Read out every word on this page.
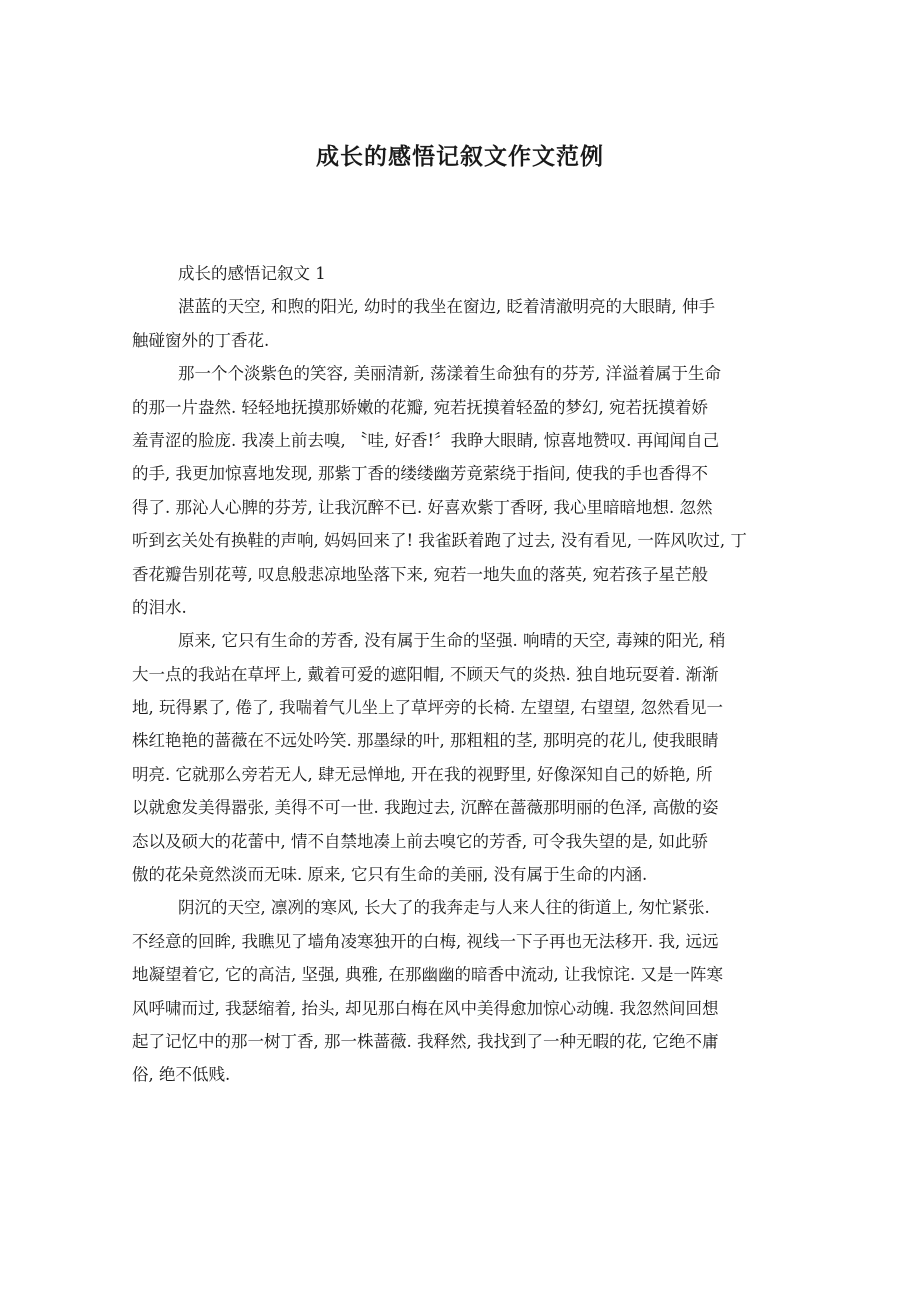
成长的感悟记叙文作文范例
成长的感悟记叙文 1
湛蓝的天空, 和煦的阳光, 幼时的我坐在窗边, 眨着清澈明亮的大眼睛, 伸手
触碰窗外的丁香花.
那一个个淡紫色的笑容, 美丽清新, 荡漾着生命独有的芬芳, 洋溢着属于生命
的那一片盎然. 轻轻地抚摸那娇嫩的花瓣, 宛若抚摸着轻盈的梦幻, 宛若抚摸着娇
羞青涩的脸庞. 我凑上前去嗅, 〝哇, 好香!〞我睁大眼睛, 惊喜地赞叹. 再闻闻自己
的手, 我更加惊喜地发现, 那紫丁香的缕缕幽芳竟萦绕于指间, 使我的手也香得不
得了. 那沁人心脾的芬芳, 让我沉醉不已. 好喜欢紫丁香呀, 我心里暗暗地想. 忽然
听到玄关处有换鞋的声响, 妈妈回来了! 我雀跃着跑了过去, 没有看见, 一阵风吹过, 丁
香花瓣告别花萼, 叹息般悲凉地坠落下来, 宛若一地失血的落英, 宛若孩子星芒般
的泪水.
原来, 它只有生命的芳香, 没有属于生命的坚强. 响晴的天空, 毒辣的阳光, 稍
大一点的我站在草坪上, 戴着可爱的遮阳帽, 不顾天气的炎热. 独自地玩耍着. 渐渐
地, 玩得累了, 倦了, 我喘着气儿坐上了草坪旁的长椅. 左望望, 右望望, 忽然看见一
株红艳艳的蔷薇在不远处吟笑. 那墨绿的叶, 那粗粗的茎, 那明亮的花儿, 使我眼睛
明亮. 它就那么旁若无人, 肆无忌惮地, 开在我的视野里, 好像深知自己的娇艳, 所
以就愈发美得嚣张, 美得不可一世. 我跑过去, 沉醉在蔷薇那明丽的色泽, 高傲的姿
态以及硕大的花蕾中, 情不自禁地凑上前去嗅它的芳香, 可令我失望的是, 如此骄
傲的花朵竟然淡而无味. 原来, 它只有生命的美丽, 没有属于生命的内涵.
阴沉的天空, 凛冽的寒风, 长大了的我奔走与人来人往的街道上, 匆忙紧张.
不经意的回眸, 我瞧见了墙角凌寒独开的白梅, 视线一下子再也无法移开. 我, 远远
地凝望着它, 它的高洁, 坚强, 典雅, 在那幽幽的暗香中流动, 让我惊诧. 又是一阵寒
风呼啸而过, 我瑟缩着, 抬头, 却见那白梅在风中美得愈加惊心动魄. 我忽然间回想
起了记忆中的那一树丁香, 那一株蔷薇. 我释然, 我找到了一种无暇的花, 它绝不庸
俗, 绝不低贱.
